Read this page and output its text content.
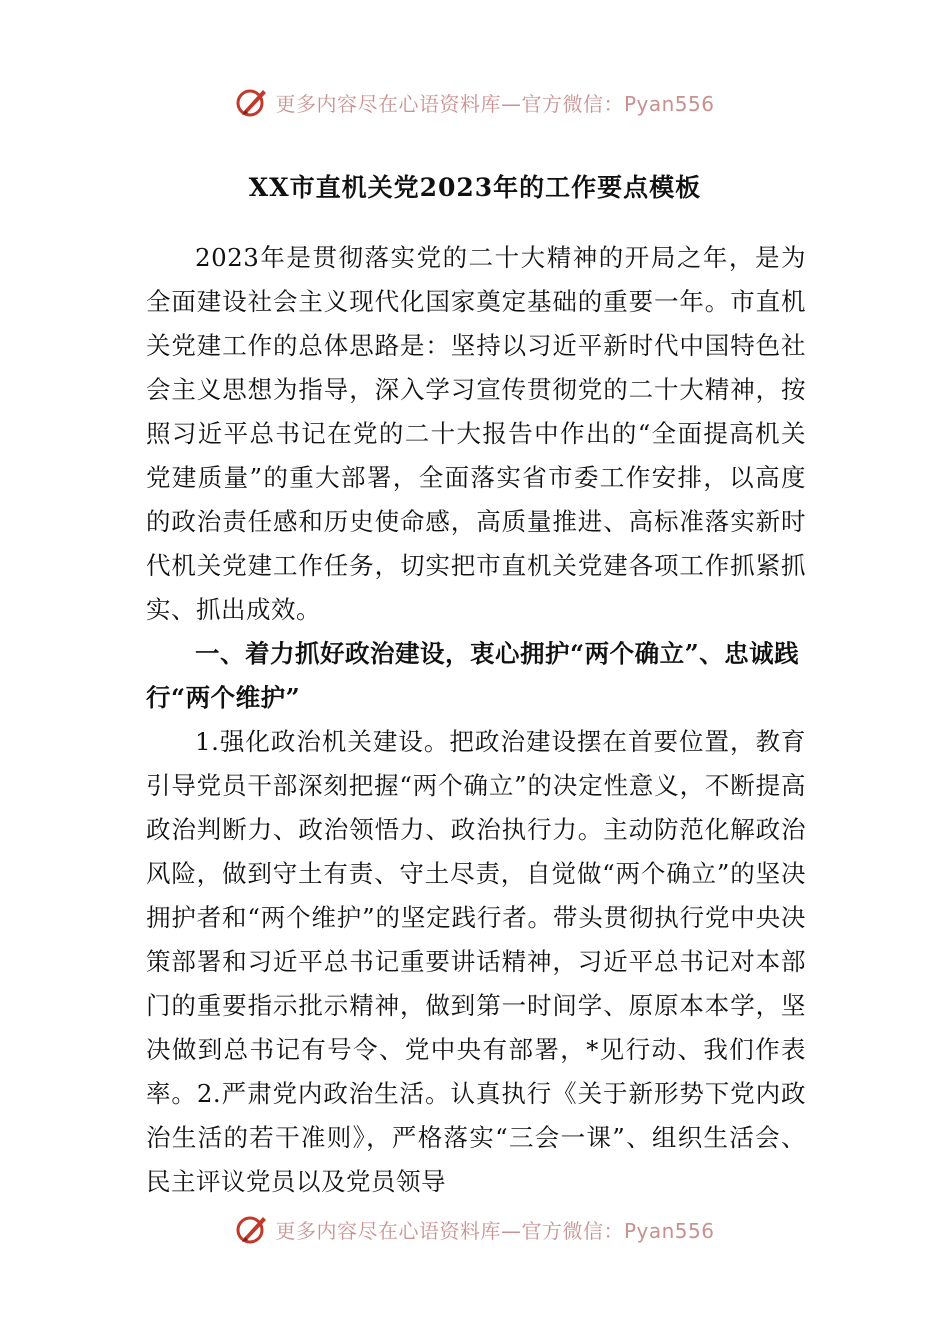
更多内容尽在心语资料库—官方微信：Pyan556
XX市直机关党2023年的工作要点模板

2023年是贯彻落实党的二十大精神的开局之年，是为全面建设社会主义现代化国家奠定基础的重要一年。市直机关党建工作的总体思路是：坚持以习近平新时代中国特色社会主义思想为指导，深入学习宣传贯彻党的二十大精神，按照习近平总书记在党的二十大报告中作出的“全面提高机关党建质量”的重大部署，全面落实省市委工作安排，以高度的政治责任感和历史使命感，高质量推进、高标准落实新时代机关党建工作任务，切实把市直机关党建各项工作抓紧抓实、抓出成效。

一、着力抓好政治建设，衷心拥护“两个确立”、忠诚践行“两个维护”

1.强化政治机关建设。把政治建设摆在首要位置，教育引导党员干部深刻把握“两个确立”的决定性意义，不断提高政治判断力、政治领悟力、政治执行力。主动防范化解政治风险，做到守土有责、守土尽责，自觉做“两个确立”的坚决拥护者和“两个维护”的坚定践行者。带头贯彻执行党中央决策部署和习近平总书记重要讲话精神，习近平总书记对本部门的重要指示批示精神，做到第一时间学、原原本本学，坚决做到总书记有号令、党中央有部署，*见行动、我们作表率。2.严肃党内政治生活。认真执行《关于新形势下党内政治生活的若干准则》，严格落实“三会一课”、组织生活会、民主评议党员以及党员领导

更多内容尽在心语资料库—官方微信：Pyan556
